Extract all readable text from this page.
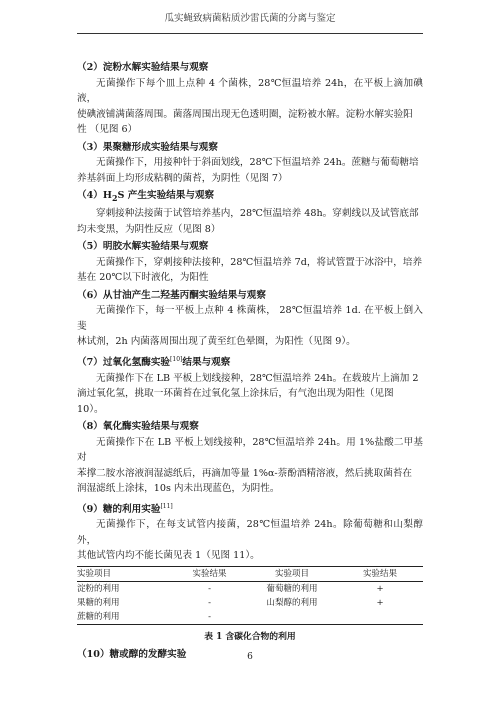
瓜实蝇致病菌粘质沙雷氏菌的分离与鉴定

（2）淀粉水解实验结果与观察

无菌操作下每个皿上点种 4 个菌株，28℃恒温培养 24h，在平板上滴加碘液，
使碘液铺满菌落周围。菌落周围出现无色透明圈，淀粉被水解。淀粉水解实验阳
性 （见图 6）

（3）果聚糖形成实验结果与观察

无菌操作下，用接种针于斜面划线，28℃下恒温培养 24h。蔗糖与葡萄糖培
养基斜面上均形成粘稠的菌苔，为阴性（见图 7）

$(4)H_2S$ 产生实验结果与观察

穿刺接种法接菌于试管培养基内，28℃恒温培养 48h。穿刺线以及试管底部
均未变黑，为阴性反应（见图 8）

（5）明胶水解实验结果与观察

无菌操作下，穿刺接种法接种，28℃恒温培养 7d，将试管置于冰浴中，培养
基在 20℃以下时液化，为阳性

（6）从甘油产生二羟基丙酮实验结果与观察

无菌操作下，每一平板上点种 4 株菌株， 28℃恒温培养 1d. 在平板上倒入斐
林试剂，2h 内菌落周围出现了黄至红色晕圈，为阳性（见图 9）。

（7）过氧化氢酶实验[10]结果与观察

无菌操作下在 LB 平板上划线接种，28℃恒温培养 24h。在载玻片上滴加 2
滴过氧化氢，挑取一环菌苔在过氧化氢上涂抹后，有气泡出现为阳性（见图
10）。

（8）氧化酶实验结果与观察

无菌操作下在 LB 平板上划线接种，28℃恒温培养 24h。用 1%盐酸二甲基对
苯撑二胺水溶液润湿滤纸后，再滴加等量 1%α-萘酚酒精溶液，然后挑取菌苔在
润湿滤纸上涂抹，10s 内未出现蓝色，为阴性。

（9）糖的利用实验[11]

无菌操作下，在每支试管内接菌，28℃恒温培养 24h。除葡萄糖和山梨醇外，
其他试管内均不能长菌见表 1（见图 11）。

实验项目	实验结果	实验项目	实验结果
淀粉的利用	-	葡萄糖的利用	+
果糖的利用	-	山梨醇的利用	+
蔗糖的利用	-		
表 1 含碳化合物的利用

（10）糖或醇的发酵实验	6
